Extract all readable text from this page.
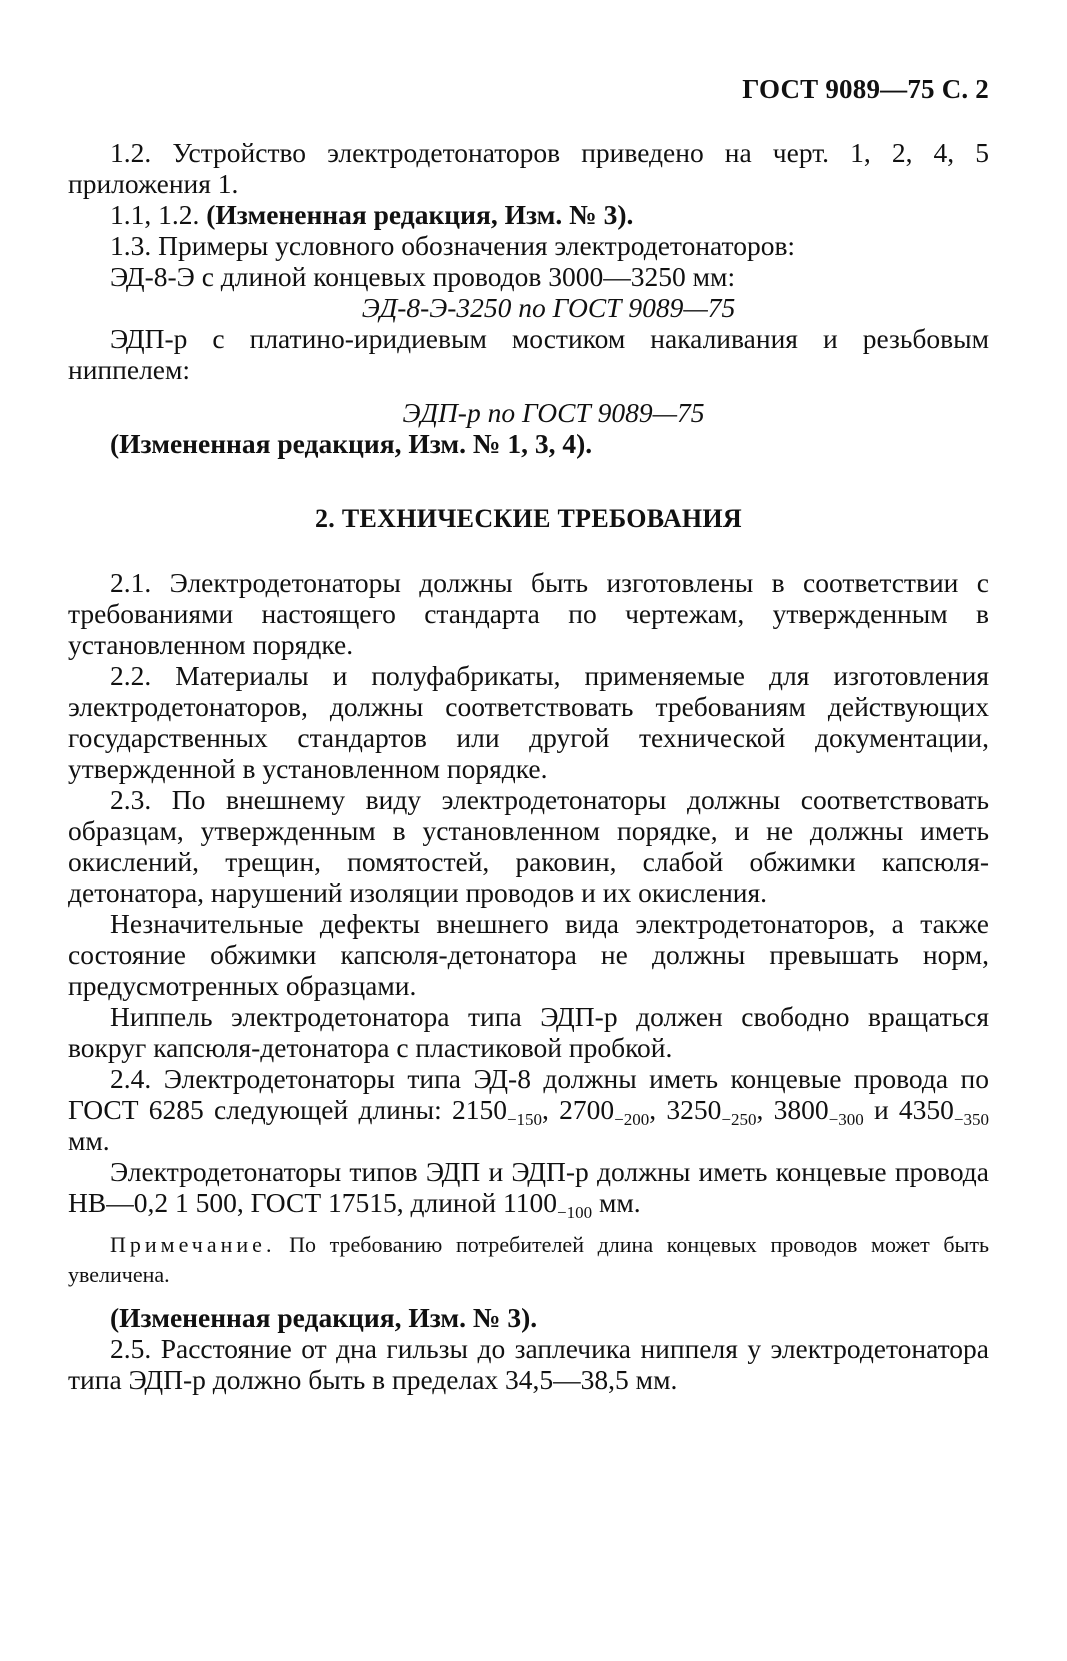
ГОСТ 9089—75 С. 2

1.2. Устройство электродетонаторов приведено на черт. 1, 2, 4, 5 приложения 1.

1.1, 1.2. (Измененная редакция, Изм. № 3).

1.3. Примеры условного обозначения электродетонаторов:

ЭД-8-Э с длиной концевых проводов 3000—3250 мм:

ЭД-8-Э-3250 по ГОСТ 9089—75

ЭДП-р с платино-иридиевым мостиком накаливания и резьбовым ниппелем:

ЭДП-р по ГОСТ 9089—75

(Измененная редакция, Изм. № 1, 3, 4).

2. ТЕХНИЧЕСКИЕ ТРЕБОВАНИЯ

2.1. Электродетонаторы должны быть изготовлены в соответствии с требованиями настоящего стандарта по чертежам, утвержденным в установленном порядке.

2.2. Материалы и полуфабрикаты, применяемые для изготовления электродетонаторов, должны соответствовать требованиям действующих государственных стандартов или другой технической документации, утвержденной в установленном порядке.

2.3. По внешнему виду электродетонаторы должны соответствовать образцам, утвержденным в установленном порядке, и не должны иметь окислений, трещин, помятостей, раковин, слабой обжимки капсюля-детонатора, нарушений изоляции проводов и их окисления.

Незначительные дефекты внешнего вида электродетонаторов, а также состояние обжимки капсюля-детонатора не должны превышать норм, предусмотренных образцами.

Ниппель электродетонатора типа ЭДП-р должен свободно вращаться вокруг капсюля-детонатора с пластиковой пробкой.

2.4. Электродетонаторы типа ЭД-8 должны иметь концевые провода по ГОСТ 6285 следующей длины: $2150_{-150}$, $2700_{-200}$, $3250_{-250}$, $3800_{-300}$ и $4350_{-350}$ мм.

Электродетонаторы типов ЭДП и ЭДП-р должны иметь концевые провода НВ—0,2 1 500, ГОСТ 17515, длиной $1100_{-100}$ мм.

Примечание. По требованию потребителей длина концевых проводов может быть увеличена.

(Измененная редакция, Изм. № 3).

2.5. Расстояние от дна гильзы до заплечика ниппеля у электродетонатора типа ЭДП-р должно быть в пределах 34,5—38,5 мм.
